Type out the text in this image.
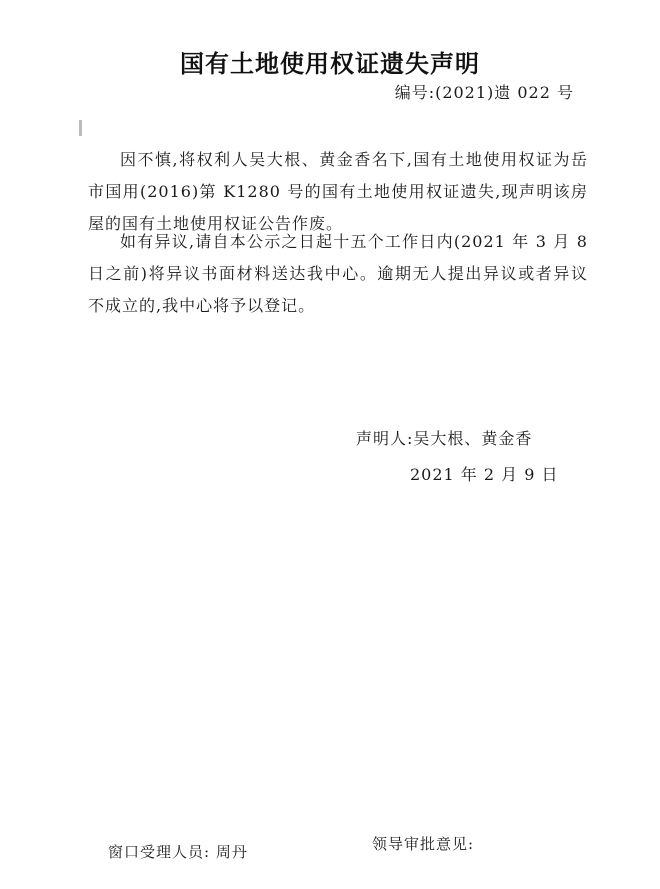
国有土地使用权证遗失声明
编号:(2021)遗 022 号

因不慎,将权利人吴大根、黄金香名下,国有土地使用权证为岳市国用(2016)第 K1280 号的国有土地使用权证遗失,现声明该房屋的国有土地使用权证公告作废。

如有异议,请自本公示之日起十五个工作日内(2021 年 3 月 8 日之前)将异议书面材料送达我中心。逾期无人提出异议或者异议不成立的,我中心将予以登记。

声明人:吴大根、黄金香
2021 年 2 月 9 日
窗口受理人员: 周丹	领导审批意见:
